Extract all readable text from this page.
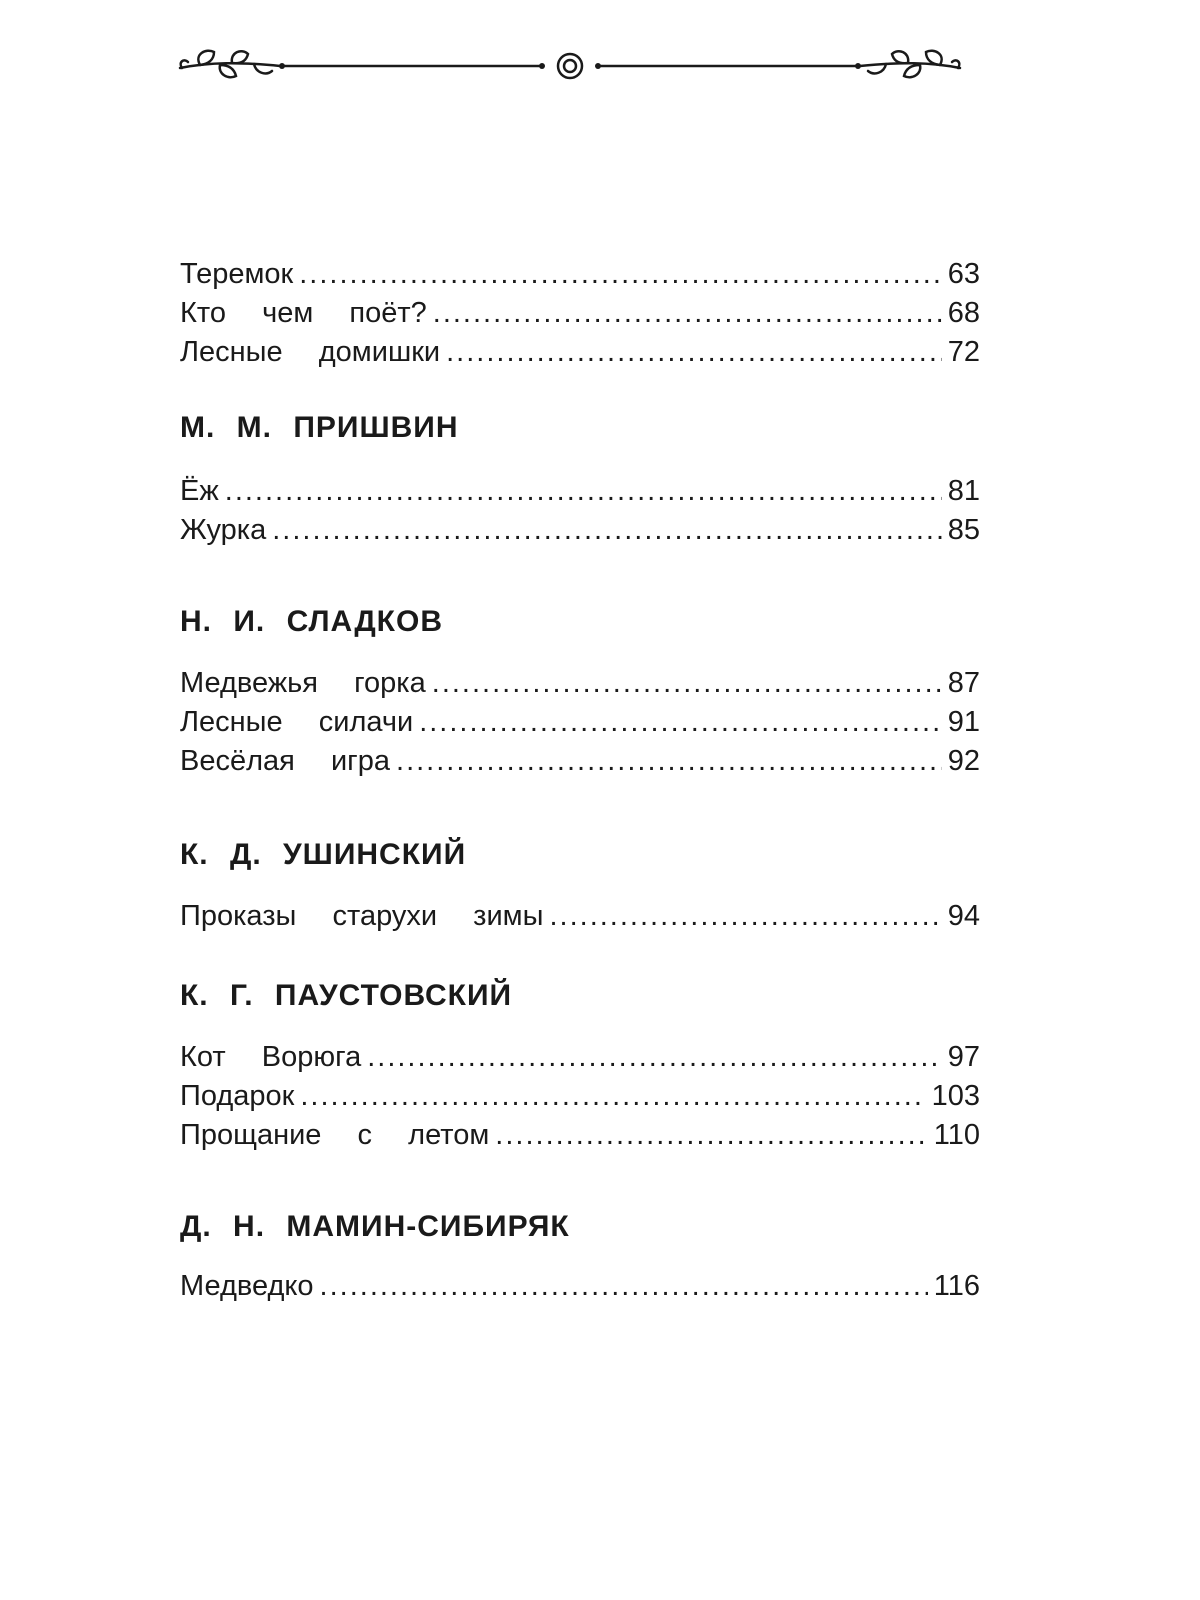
Теремок .....	63
Кто  чем  поёт? .....	68
Лесные  домишки .....	72
М. М. ПРИШВИН
Ёж .....	81
Журка .....	85
Н. И. СЛАДКОВ
Медвежья  горка .....	87
Лесные  силачи .....	91
Весёлая  игра .....	92
К. Д. УШИНСКИЙ
Проказы  старухи  зимы .....	94
К. Г. ПАУСТОВСКИЙ
Кот  Ворюга .....	97
Подарок .....	103
Прощание  с  летом .....	110
Д. Н. МАМИН-СИБИРЯК
Медведко .....	116
